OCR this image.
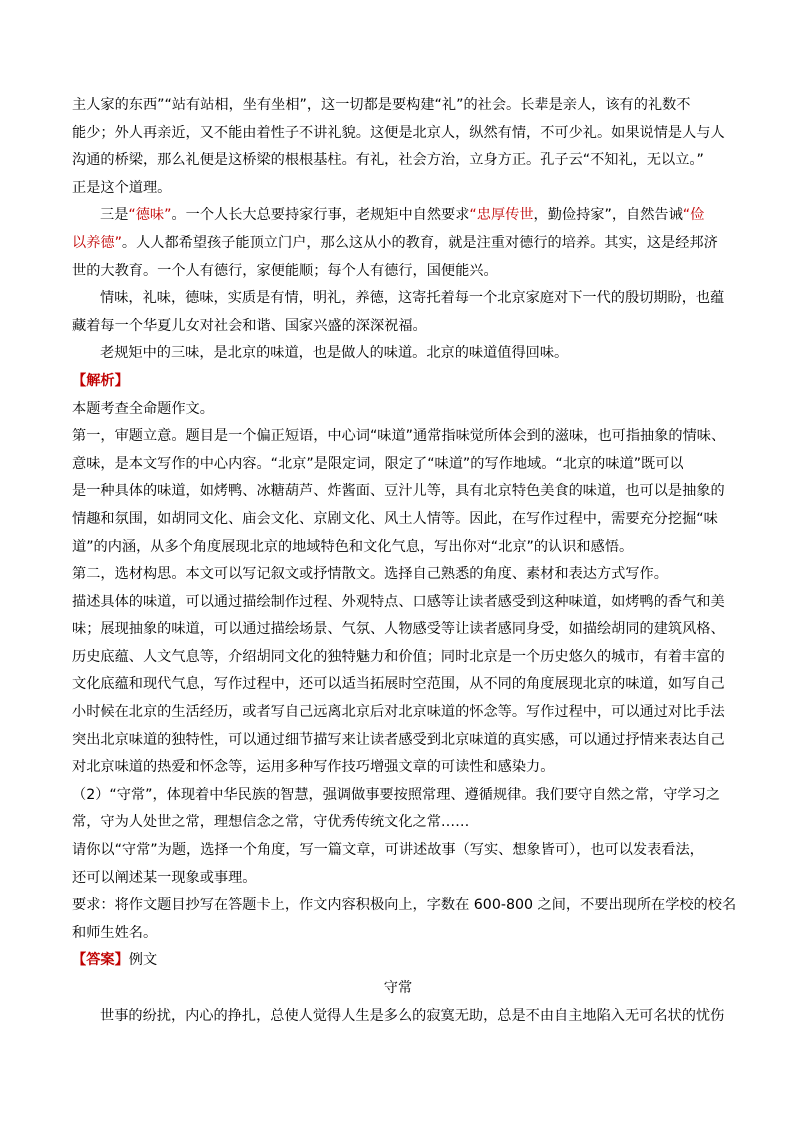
主人家的东西”“站有站相，坐有坐相”，这一切都是要构建“礼”的社会。长辈是亲人，该有的礼数不
能少；外人再亲近，又不能由着性子不讲礼貌。这便是北京人，纵然有情，不可少礼。如果说情是人与人
沟通的桥梁，那么礼便是这桥梁的根根基柱。有礼，社会方治，立身方正。孔子云“不知礼，无以立。”
正是这个道理。
三是“德味”。一个人长大总要持家行事，老规矩中自然要求“忠厚传世，勤俭持家”，自然告诫“俭
以养德”。人人都希望孩子能顶立门户，那么这从小的教育，就是注重对德行的培养。其实，这是经邦济
世的大教育。一个人有德行，家便能顺；每个人有德行，国便能兴。
情味，礼味，德味，实质是有情，明礼，养德，这寄托着每一个北京家庭对下一代的殷切期盼，也蕴
藏着每一个华夏儿女对社会和谐、国家兴盛的深深祝福。
老规矩中的三味，是北京的味道，也是做人的味道。北京的味道值得回味。
【解析】
本题考查全命题作文。
第一，审题立意。题目是一个偏正短语，中心词“味道”通常指味觉所体会到的滋味，也可指抽象的情味、
意味，是本文写作的中心内容。“北京”是限定词，限定了“味道”的写作地域。“北京的味道”既可以
是一种具体的味道，如烤鸭、冰糖葫芦、炸酱面、豆汁儿等，具有北京特色美食的味道，也可以是抽象的
情趣和氛围，如胡同文化、庙会文化、京剧文化、风土人情等。因此，在写作过程中，需要充分挖掘“味
道”的内涵，从多个角度展现北京的地域特色和文化气息，写出你对“北京”的认识和感悟。
第二，选材构思。本文可以写记叙文或抒情散文。选择自己熟悉的角度、素材和表达方式写作。
描述具体的味道，可以通过描绘制作过程、外观特点、口感等让读者感受到这种味道，如烤鸭的香气和美
味；展现抽象的味道，可以通过描绘场景、气氛、人物感受等让读者感同身受，如描绘胡同的建筑风格、
历史底蕴、人文气息等，介绍胡同文化的独特魅力和价值；同时北京是一个历史悠久的城市，有着丰富的
文化底蕴和现代气息，写作过程中，还可以适当拓展时空范围，从不同的角度展现北京的味道，如写自己
小时候在北京的生活经历，或者写自己远离北京后对北京味道的怀念等。写作过程中，可以通过对比手法
突出北京味道的独特性，可以通过细节描写来让读者感受到北京味道的真实感，可以通过抒情来表达自己
对北京味道的热爱和怀念等，运用多种写作技巧增强文章的可读性和感染力。
（2）“守常”，体现着中华民族的智慧，强调做事要按照常理、遵循规律。我们要守自然之常，守学习之
常，守为人处世之常，理想信念之常，守优秀传统文化之常……
请你以“守常”为题，选择一个角度，写一篇文章，可讲述故事（写实、想象皆可），也可以发表看法，
还可以阐述某一现象或事理。
要求：将作文题目抄写在答题卡上，作文内容积极向上，字数在 600-800 之间，不要出现所在学校的校名
和师生姓名。
【答案】例文
守常
世事的纷扰，内心的挣扎，总使人觉得人生是多么的寂寞无助，总是不由自主地陷入无可名状的忧伤
